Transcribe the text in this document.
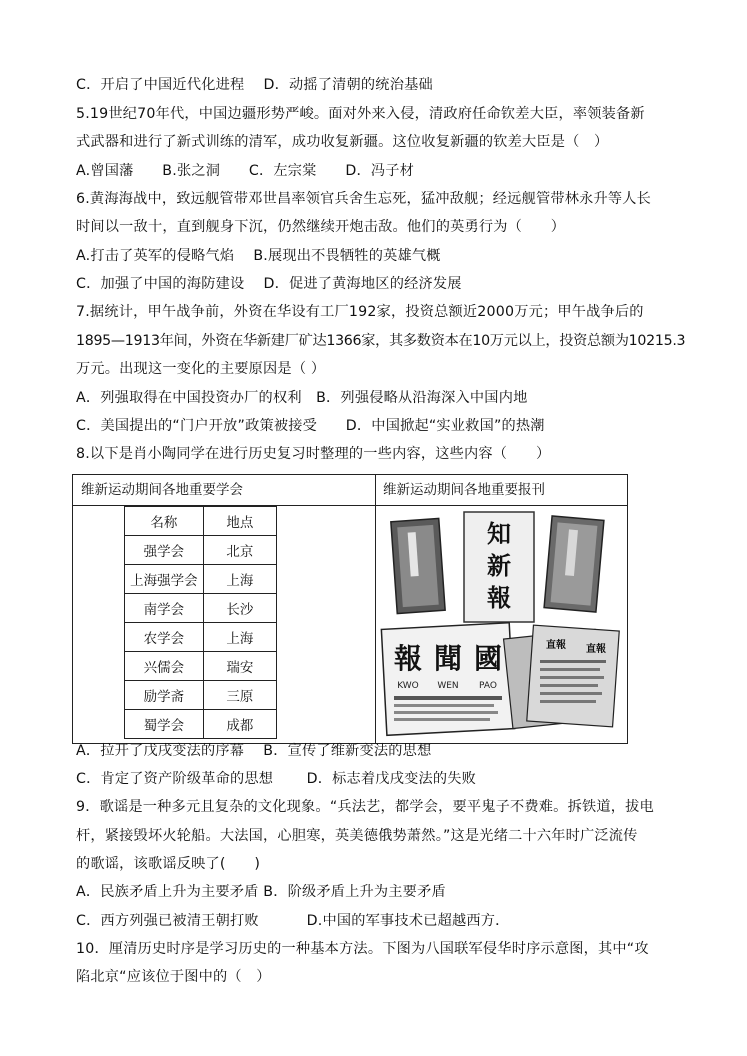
C．开启了中国近代化进程　 D．动摇了清朝的统治基础
5.19世纪70年代，中国边疆形势严峻。面对外来入侵，清政府任命钦差大臣，率领装备新
式武器和进行了新式训练的清军，成功收复新疆。这位收复新疆的钦差大臣是（　）
A.曾国藩　　B.张之洞　　C．左宗棠　　D．冯子材
6.黄海海战中，致远舰管带邓世昌率领官兵舍生忘死，猛冲敌舰；经远舰管带林永升等人长
时间以一敌十，直到舰身下沉，仍然继续开炮击敌。他们的英勇行为（　　）
A.打击了英军的侵略气焰　 B.展现出不畏牺牲的英雄气概
C．加强了中国的海防建设　 D．促进了黄海地区的经济发展
7.据统计，甲午战争前，外资在华设有工厂192家，投资总额近2000万元；甲午战争后的
1895—1913年间，外资在华新建厂矿达1366家，其多数资本在10万元以上，投资总额为10215.3
万元。出现这一变化的主要原因是（ ）
A．列强取得在中国投资办厂的权利　B．列强侵略从沿海深入中国内地
C．美国提出的“门户开放”政策被接受　　D．中国掀起“实业救国”的热潮
8.以下是肖小陶同学在进行历史复习时整理的一些内容，这些内容（　　）
维新运动期间各地重要学会	维新运动期间各地重要报刊
名称	地点
强学会	北京
上海强学会	上海
南学会	长沙
农学会	上海
兴儒会	瑞安
励学斋	三原
蜀学会	成都
知
新
報
報 聞 國
KWO WEN PAO
直報 直報
A．拉开了戊戌变法的序幕　 B．宣传了维新变法的思想
C．肯定了资产阶级革命的思想　　 D．标志着戊戌变法的失败
9．歌谣是一种多元且复杂的文化现象。“兵法艺，都学会，要平鬼子不费难。拆铁道，拔电
杆，紧接毁坏火轮船。大法国，心胆寒，英美德俄势萧然。”这是光绪二十六年时广泛流传
的歌谣，该歌谣反映了(　　)
A．民族矛盾上升为主要矛盾 B．阶级矛盾上升为主要矛盾
C．西方列强已被清王朝打败　　　 D.中国的军事技术已超越西方．
10．厘清历史时序是学习历史的一种基本方法。下图为八国联军侵华时序示意图，其中“攻
陷北京“应该位于图中的（　）
